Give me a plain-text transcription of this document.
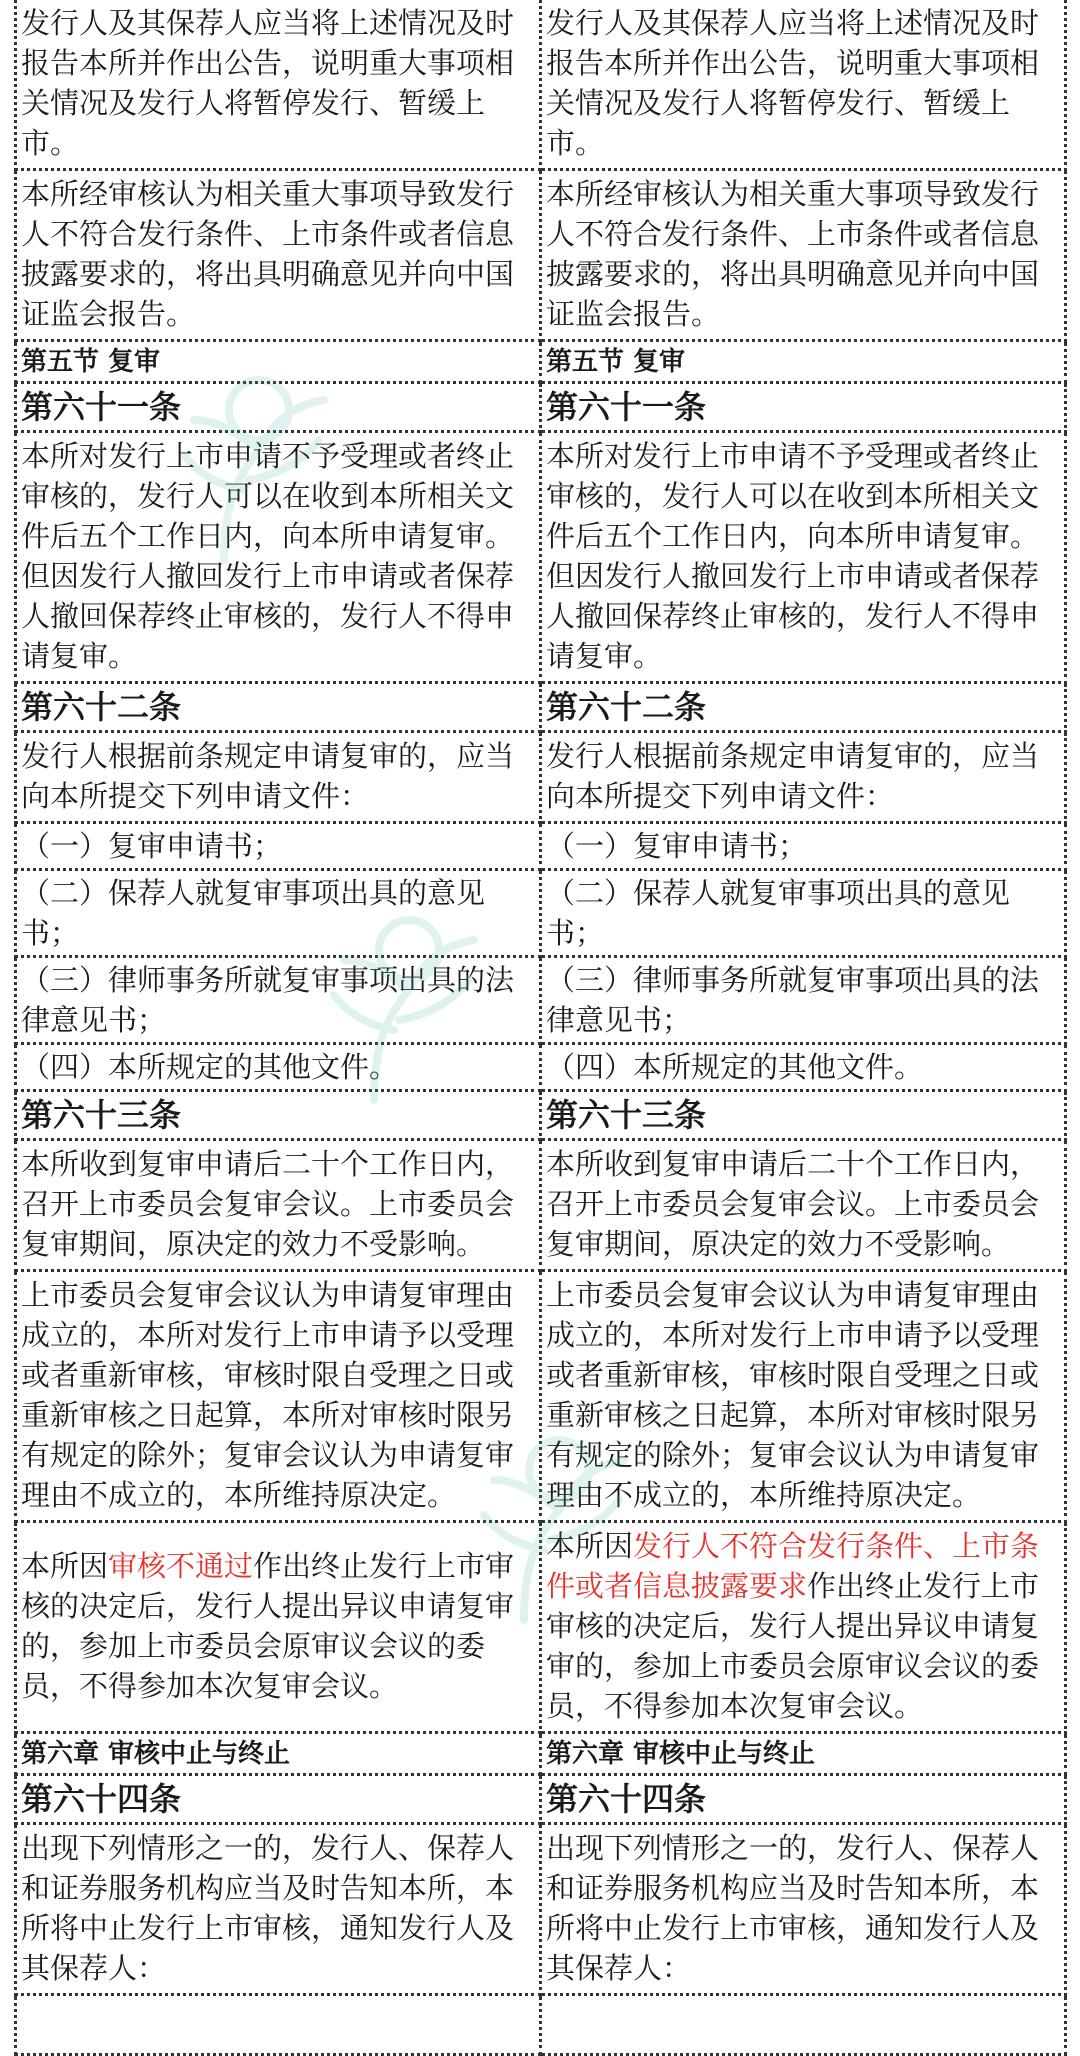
发行人及其保荐人应当将上述情况及时报告本所并作出公告，说明重大事项相关情况及发行人将暂停发行、暂缓上市。	发行人及其保荐人应当将上述情况及时报告本所并作出公告，说明重大事项相关情况及发行人将暂停发行、暂缓上市。
本所经审核认为相关重大事项导致发行人不符合发行条件、上市条件或者信息披露要求的，将出具明确意见并向中国证监会报告。	本所经审核认为相关重大事项导致发行人不符合发行条件、上市条件或者信息披露要求的，将出具明确意见并向中国证监会报告。
第五节 复审	第五节 复审
第六十一条	第六十一条
本所对发行上市申请不予受理或者终止审核的，发行人可以在收到本所相关文件后五个工作日内，向本所申请复审。但因发行人撤回发行上市申请或者保荐人撤回保荐终止审核的，发行人不得申请复审。	本所对发行上市申请不予受理或者终止审核的，发行人可以在收到本所相关文件后五个工作日内，向本所申请复审。但因发行人撤回发行上市申请或者保荐人撤回保荐终止审核的，发行人不得申请复审。
第六十二条	第六十二条
发行人根据前条规定申请复审的，应当向本所提交下列申请文件：	发行人根据前条规定申请复审的，应当向本所提交下列申请文件：
（一）复审申请书；	（一）复审申请书；
（二）保荐人就复审事项出具的意见书；	（二）保荐人就复审事项出具的意见书；
（三）律师事务所就复审事项出具的法律意见书；	（三）律师事务所就复审事项出具的法律意见书；
（四）本所规定的其他文件。	（四）本所规定的其他文件。
第六十三条	第六十三条
本所收到复审申请后二十个工作日内，召开上市委员会复审会议。上市委员会复审期间，原决定的效力不受影响。	本所收到复审申请后二十个工作日内，召开上市委员会复审会议。上市委员会复审期间，原决定的效力不受影响。
上市委员会复审会议认为申请复审理由成立的，本所对发行上市申请予以受理或者重新审核，审核时限自受理之日或重新审核之日起算，本所对审核时限另有规定的除外；复审会议认为申请复审理由不成立的，本所维持原决定。	上市委员会复审会议认为申请复审理由成立的，本所对发行上市申请予以受理或者重新审核，审核时限自受理之日或重新审核之日起算，本所对审核时限另有规定的除外；复审会议认为申请复审理由不成立的，本所维持原决定。
本所因审核不通过作出终止发行上市审核的决定后，发行人提出异议申请复审的，参加上市委员会原审议会议的委员，不得参加本次复审会议。	本所因发行人不符合发行条件、上市条件或者信息披露要求作出终止发行上市审核的决定后，发行人提出异议申请复审的，参加上市委员会原审议会议的委员，不得参加本次复审会议。
第六章 审核中止与终止	第六章 审核中止与终止
第六十四条	第六十四条
出现下列情形之一的，发行人、保荐人和证券服务机构应当及时告知本所，本所将中止发行上市审核，通知发行人及其保荐人：	出现下列情形之一的，发行人、保荐人和证券服务机构应当及时告知本所，本所将中止发行上市审核，通知发行人及其保荐人：
